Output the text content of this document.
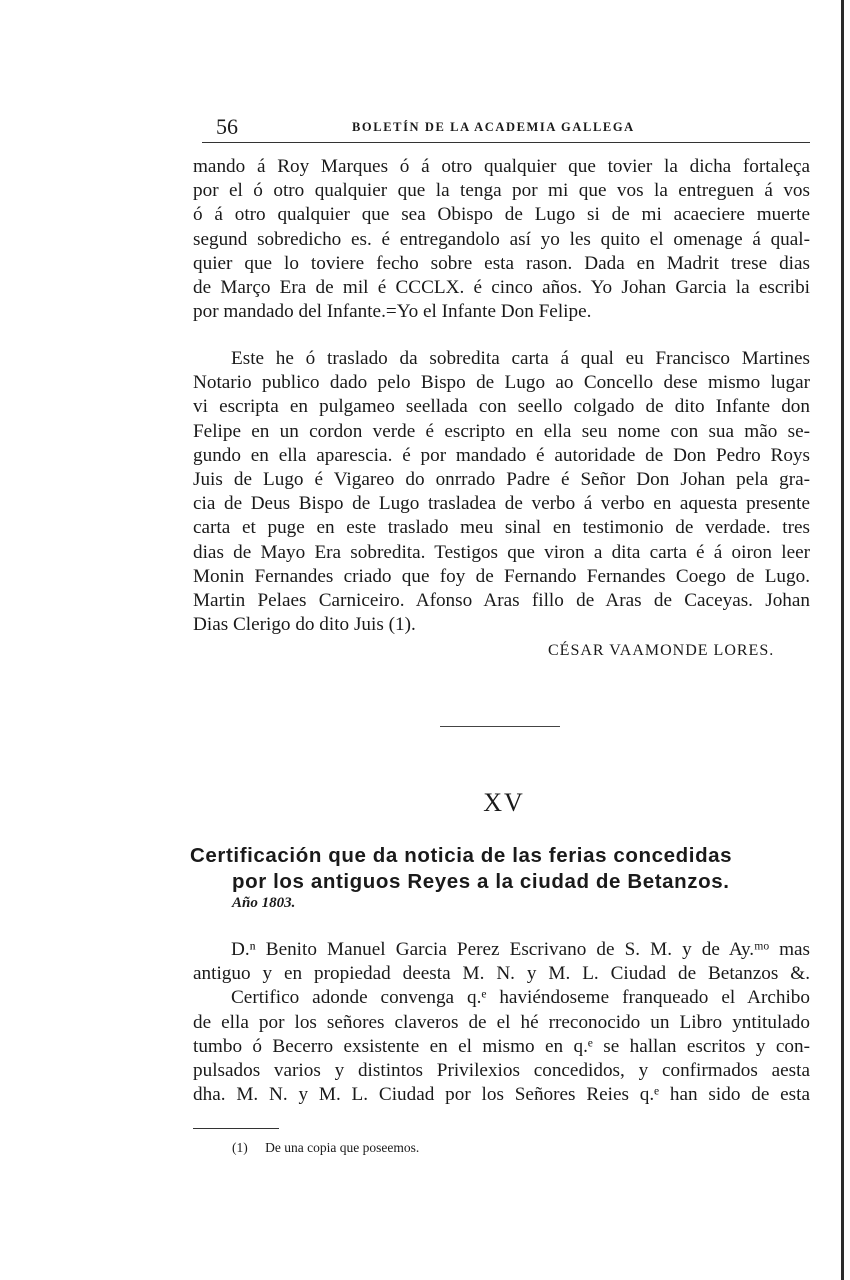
56	BOLETÍN DE LA ACADEMIA GALLEGA
mando á Roy Marques ó á otro qualquier que tovier la dicha fortaleça
por el ó otro qualquier que la tenga por mi que vos la entreguen á vos
ó á otro qualquier que sea Obispo de Lugo si de mi acaeciere muerte
segund sobredicho es. é entregandolo así yo les quito el omenage á qual-
quier que lo toviere fecho sobre esta rason. Dada en Madrit trese dias
de Março Era de mil é CCCLX. é cinco años. Yo Johan Garcia la escribi
por mandado del Infante.=Yo el Infante Don Felipe.
Este he ó traslado da sobredita carta á qual eu Francisco Martines
Notario publico dado pelo Bispo de Lugo ao Concello dese mismo lugar
vi escripta en pulgameo seellada con seello colgado de dito Infante don
Felipe en un cordon verde é escripto en ella seu nome con sua mão se-
gundo en ella aparescia. é por mandado é autoridade de Don Pedro Roys
Juis de Lugo é Vigareo do onrrado Padre é Señor Don Johan pela gra-
cia de Deus Bispo de Lugo trasladea de verbo á verbo en aquesta presente
carta et puge en este traslado meu sinal en testimonio de verdade. tres
dias de Mayo Era sobredita. Testigos que viron a dita carta é á oiron leer
Monin Fernandes criado que foy de Fernando Fernandes Coego de Lugo.
Martin Pelaes Carniceiro. Afonso Aras fillo de Aras de Caceyas. Johan
Dias Clerigo do dito Juis (1).
CÉSAR VAAMONDE LORES.
XV
Certificación que da noticia de las ferias concedidas
por los antiguos Reyes a la ciudad de Betanzos.
Año 1803.
D.ⁿ Benito Manuel Garcia Perez Escrivano de S. M. y de Ay.ᵐᵒ mas
antiguo y en propiedad deesta M. N. y M. L. Ciudad de Betanzos &.
Certifico adonde convenga q.ᵉ haviéndoseme franqueado el Archibo
de ella por los señores claveros de el hé rreconocido un Libro yntitulado
tumbo ó Becerro exsistente en el mismo en q.ᵉ se hallan escritos y con-
pulsados varios y distintos Privilexios concedidos, y confirmados aesta
dha. M. N. y M. L. Ciudad por los Señores Reies q.ᵉ han sido de esta
(1) De una copia que poseemos.
